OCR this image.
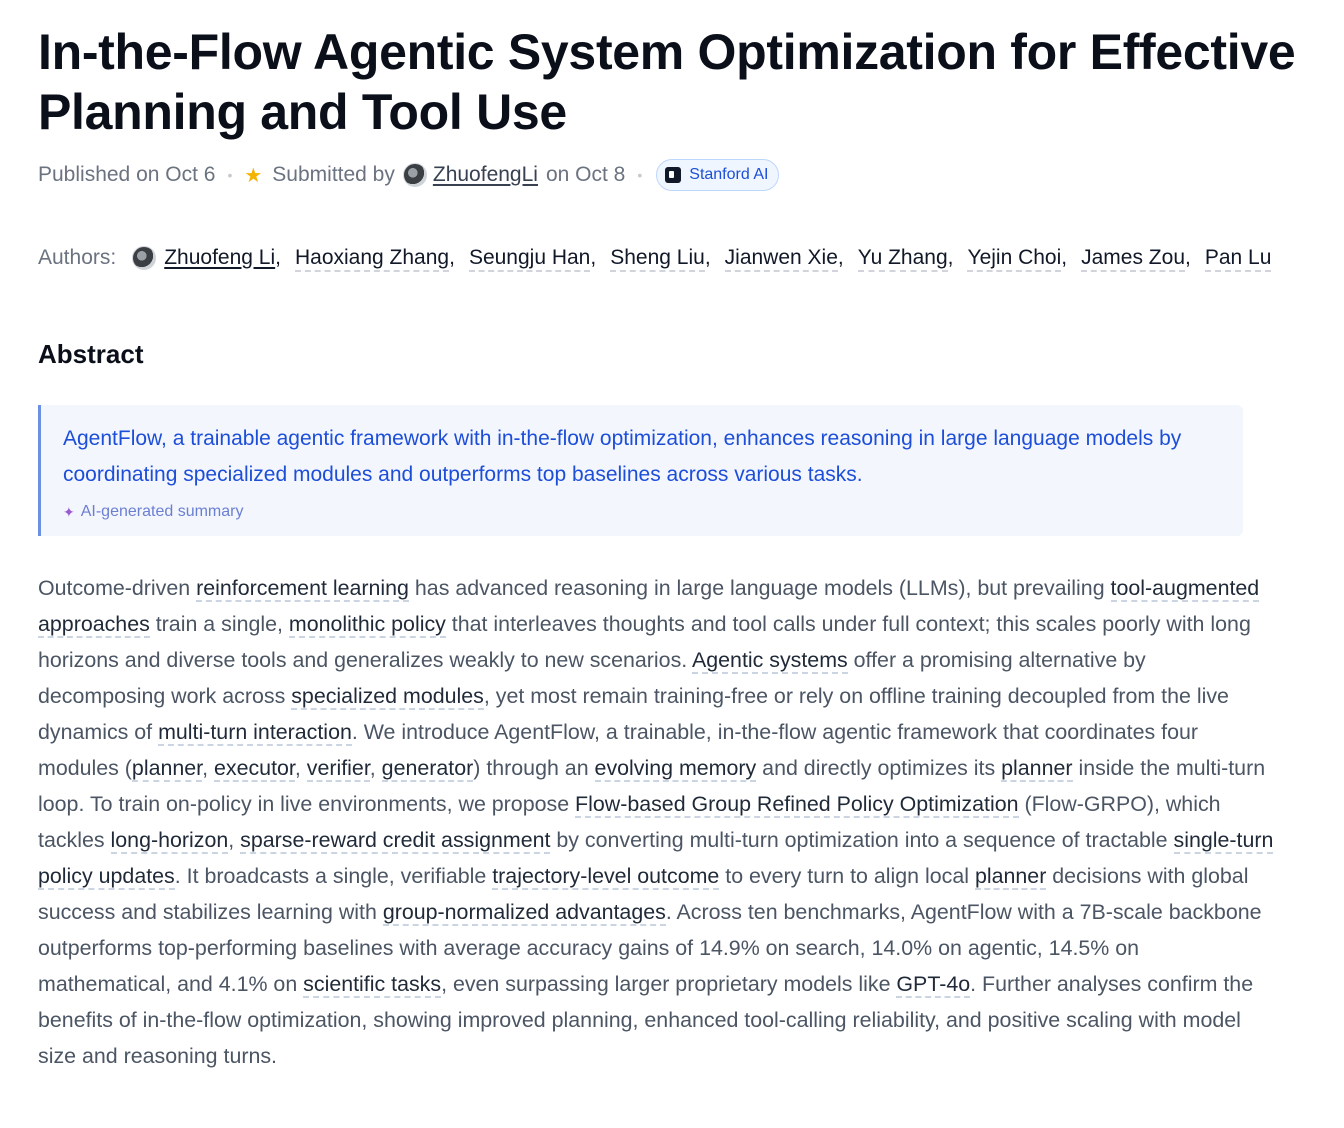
In-the-Flow Agentic System Optimization for Effective Planning and Tool Use
Published on Oct 6 • ★ Submitted by ZhuofengLi on Oct 8 •	Stanford AI
Authors: Zhuofeng Li, Haoxiang Zhang, Seungju Han, Sheng Liu, Jianwen Xie, Yu Zhang, Yejin Choi, James Zou, Pan Lu
Abstract
AgentFlow, a trainable agentic framework with in-the-flow optimization, enhances reasoning in large language models by coordinating specialized modules and outperforms top baselines across various tasks.
✦ AI-generated summary

Outcome-driven reinforcement learning has advanced reasoning in large language models (LLMs), but prevailing tool-augmented approaches train a single, monolithic policy that interleaves thoughts and tool calls under full context; this scales poorly with long horizons and diverse tools and generalizes weakly to new scenarios. Agentic systems offer a promising alternative by decomposing work across specialized modules, yet most remain training-free or rely on offline training decoupled from the live dynamics of multi-turn interaction. We introduce AgentFlow, a trainable, in-the-flow agentic framework that coordinates four modules (planner, executor, verifier, generator) through an evolving memory and directly optimizes its planner inside the multi-turn loop. To train on-policy in live environments, we propose Flow-based Group Refined Policy Optimization (Flow-GRPO), which tackles long-horizon, sparse-reward credit assignment by converting multi-turn optimization into a sequence of tractable single-turn policy updates. It broadcasts a single, verifiable trajectory-level outcome to every turn to align local planner decisions with global success and stabilizes learning with group-normalized advantages. Across ten benchmarks, AgentFlow with a 7B-scale backbone outperforms top-performing baselines with average accuracy gains of 14.9% on search, 14.0% on agentic, 14.5% on mathematical, and 4.1% on scientific tasks, even surpassing larger proprietary models like GPT-4o. Further analyses confirm the benefits of in-the-flow optimization, showing improved planning, enhanced tool-calling reliability, and positive scaling with model size and reasoning turns.
